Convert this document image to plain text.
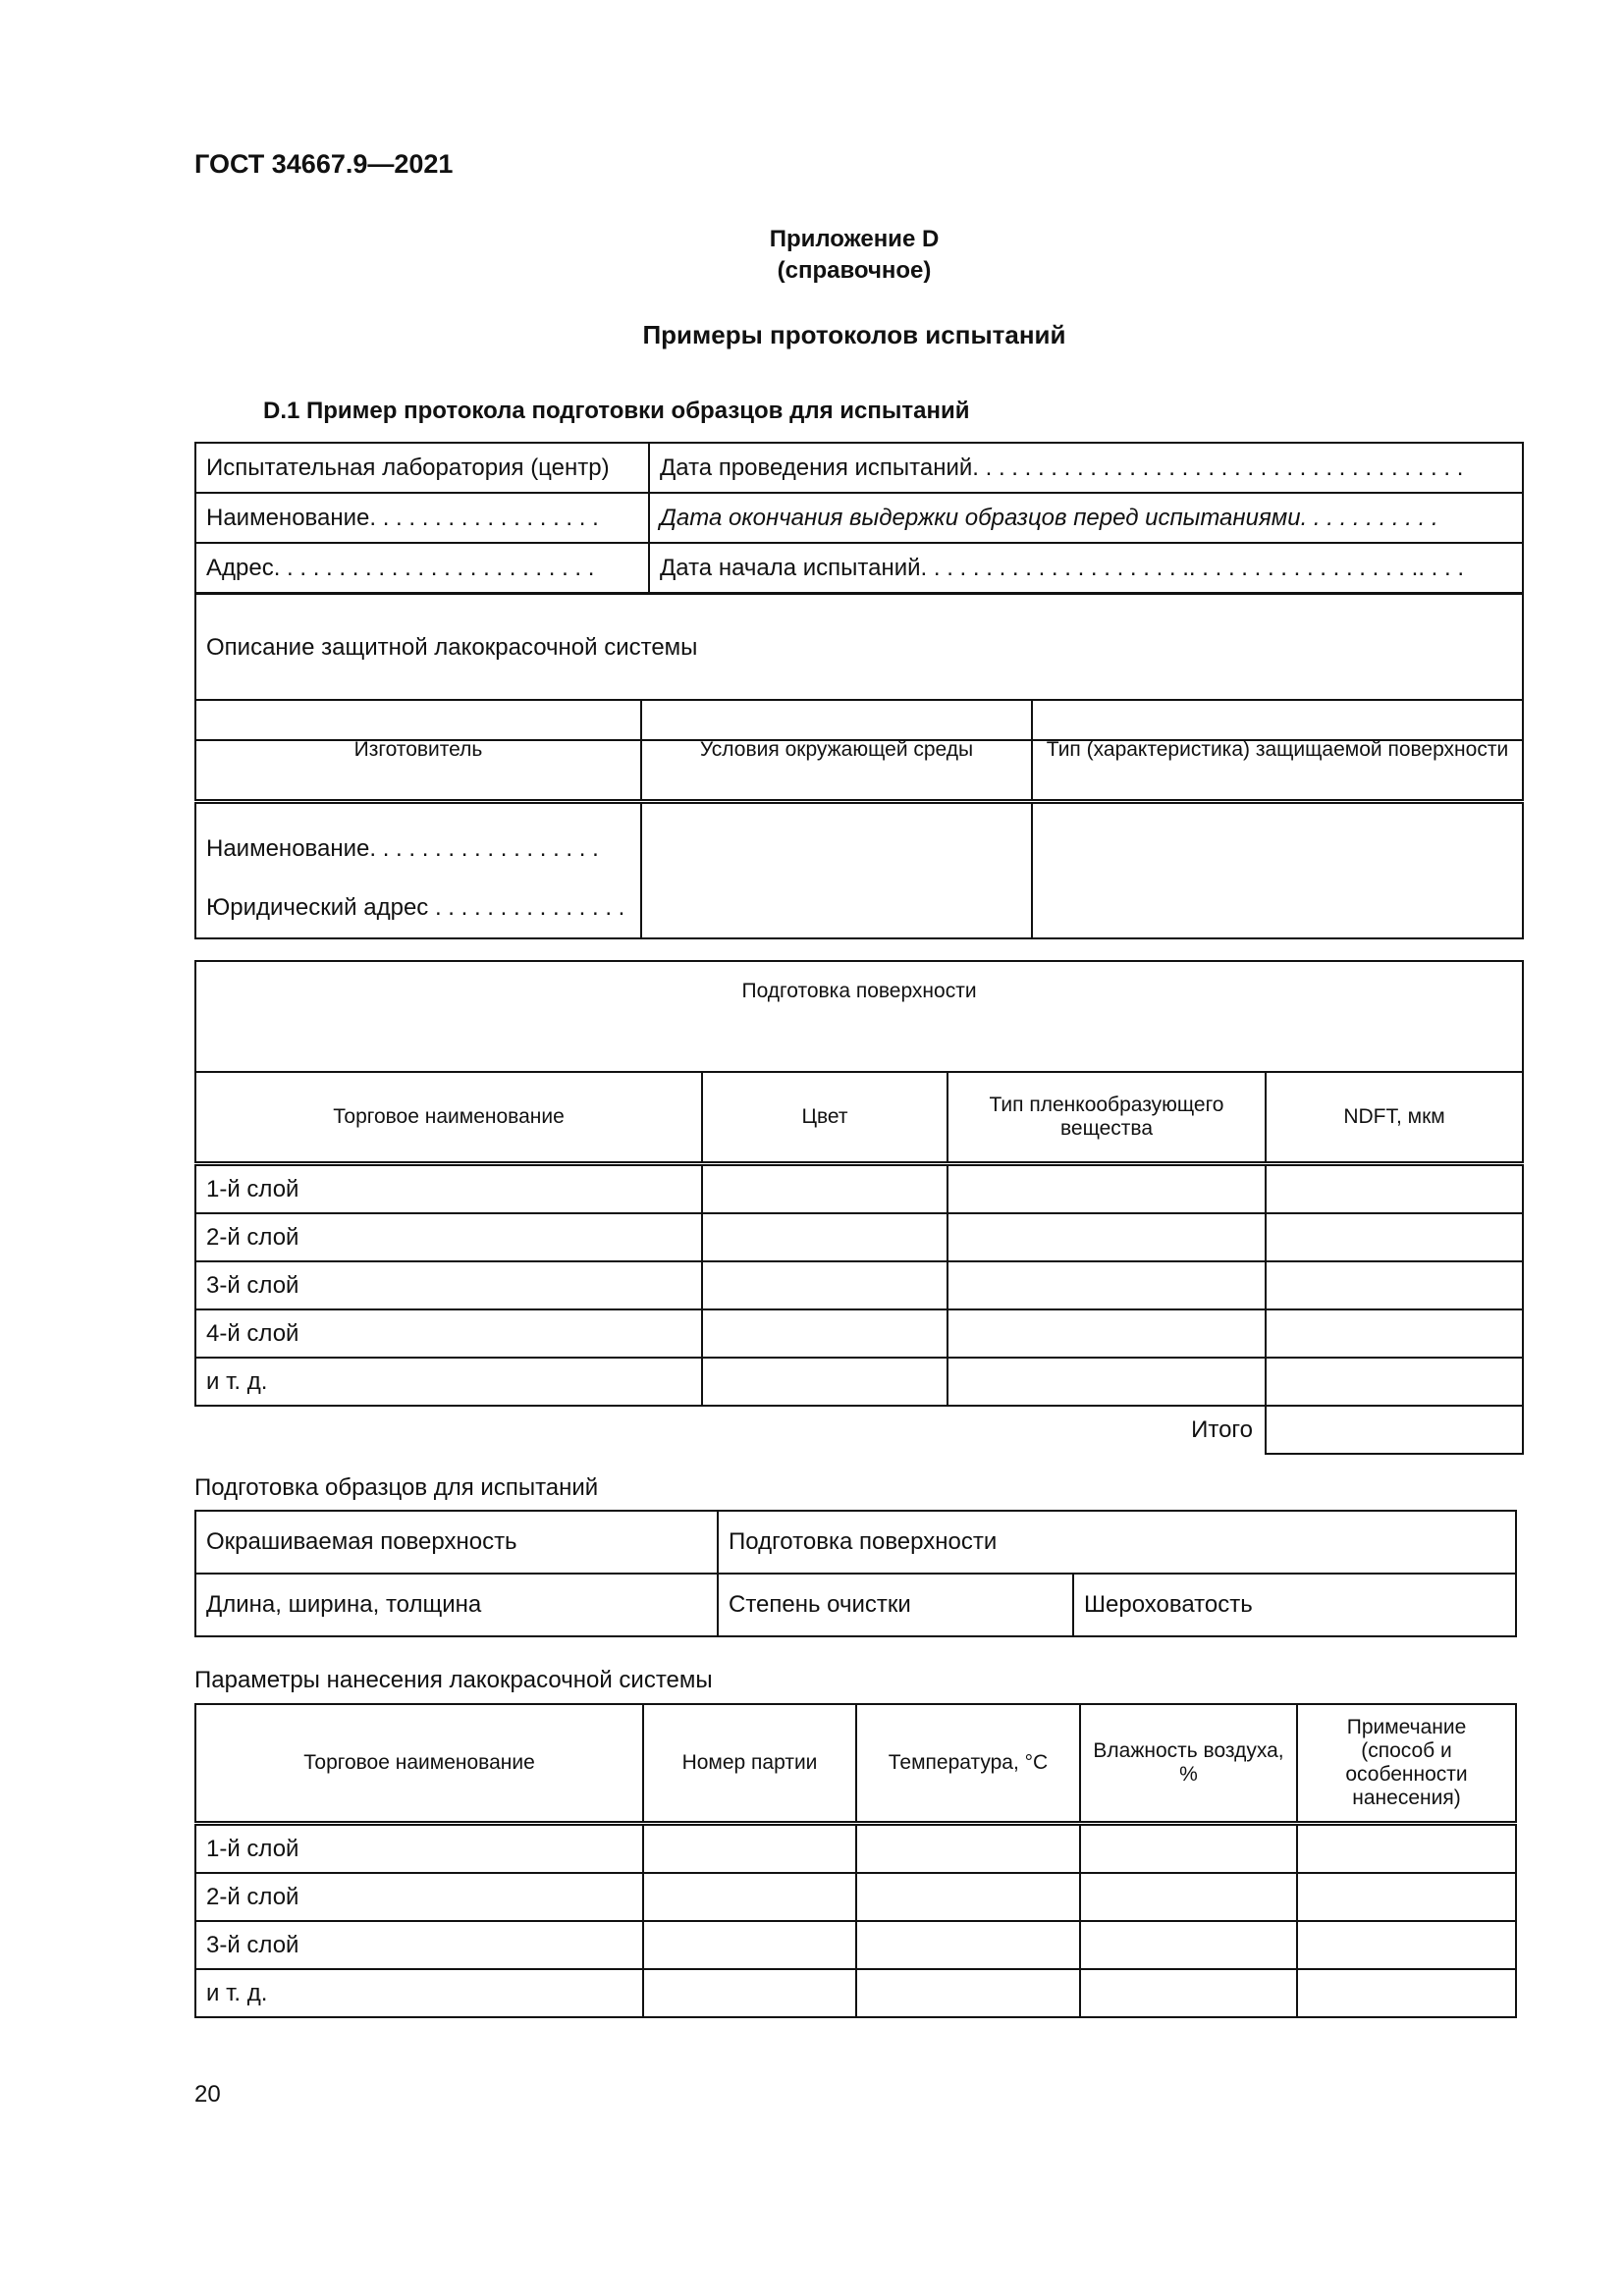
ГОСТ 34667.9—2021
Приложение D
(справочное)
Примеры протоколов испытаний
D.1 Пример протокола подготовки образцов для испытаний
Испытательная лаборатория (центр)	Дата проведения испытаний. . . . . . . . . . . . . . . . . . . . . . . . . . . . . . . . . . . . . .
Наименование. . . . . . . . . . . . . . . . . .	Дата окончания выдержки образцов перед испытаниями. . . . . . . . . . .
Адрес. . . . . . . . . . . . . . . . . . . . . . . . .	Дата начала испытаний. . . . . . . . . . . . . . . . . . . . .. . . . . . . . . . . . . . . . . .. . . .
Описание защитной лакокрасочной системы	
Изготовитель	Условия окружающей среды	Тип (характеристика) защищаемой поверхности

Наименование. . . . . . . . . . . . . . . . . .
Юридический адрес . . . . . . . . . . . . . . .		

Подготовка поверхности			
Торговое наименование	Цвет	Тип пленкообразующего вещества	NDFT, мкм
1-й слой			
2-й слой			
3-й слой			
4-й слой			
и т. д.			
		Итого	
Подготовка образцов для испытаний
Окрашиваемая поверхность	Подготовка поверхности	
Длина, ширина, толщина	Степень очистки	Шероховатость
Параметры нанесения лакокрасочной системы
Торговое наименование	Номер партии	Температура, °С	Влажность воздуха, %	Примечание (способ и особенности нанесения)
1-й слой				
2-й слой				
3-й слой				
и т. д.				
20
